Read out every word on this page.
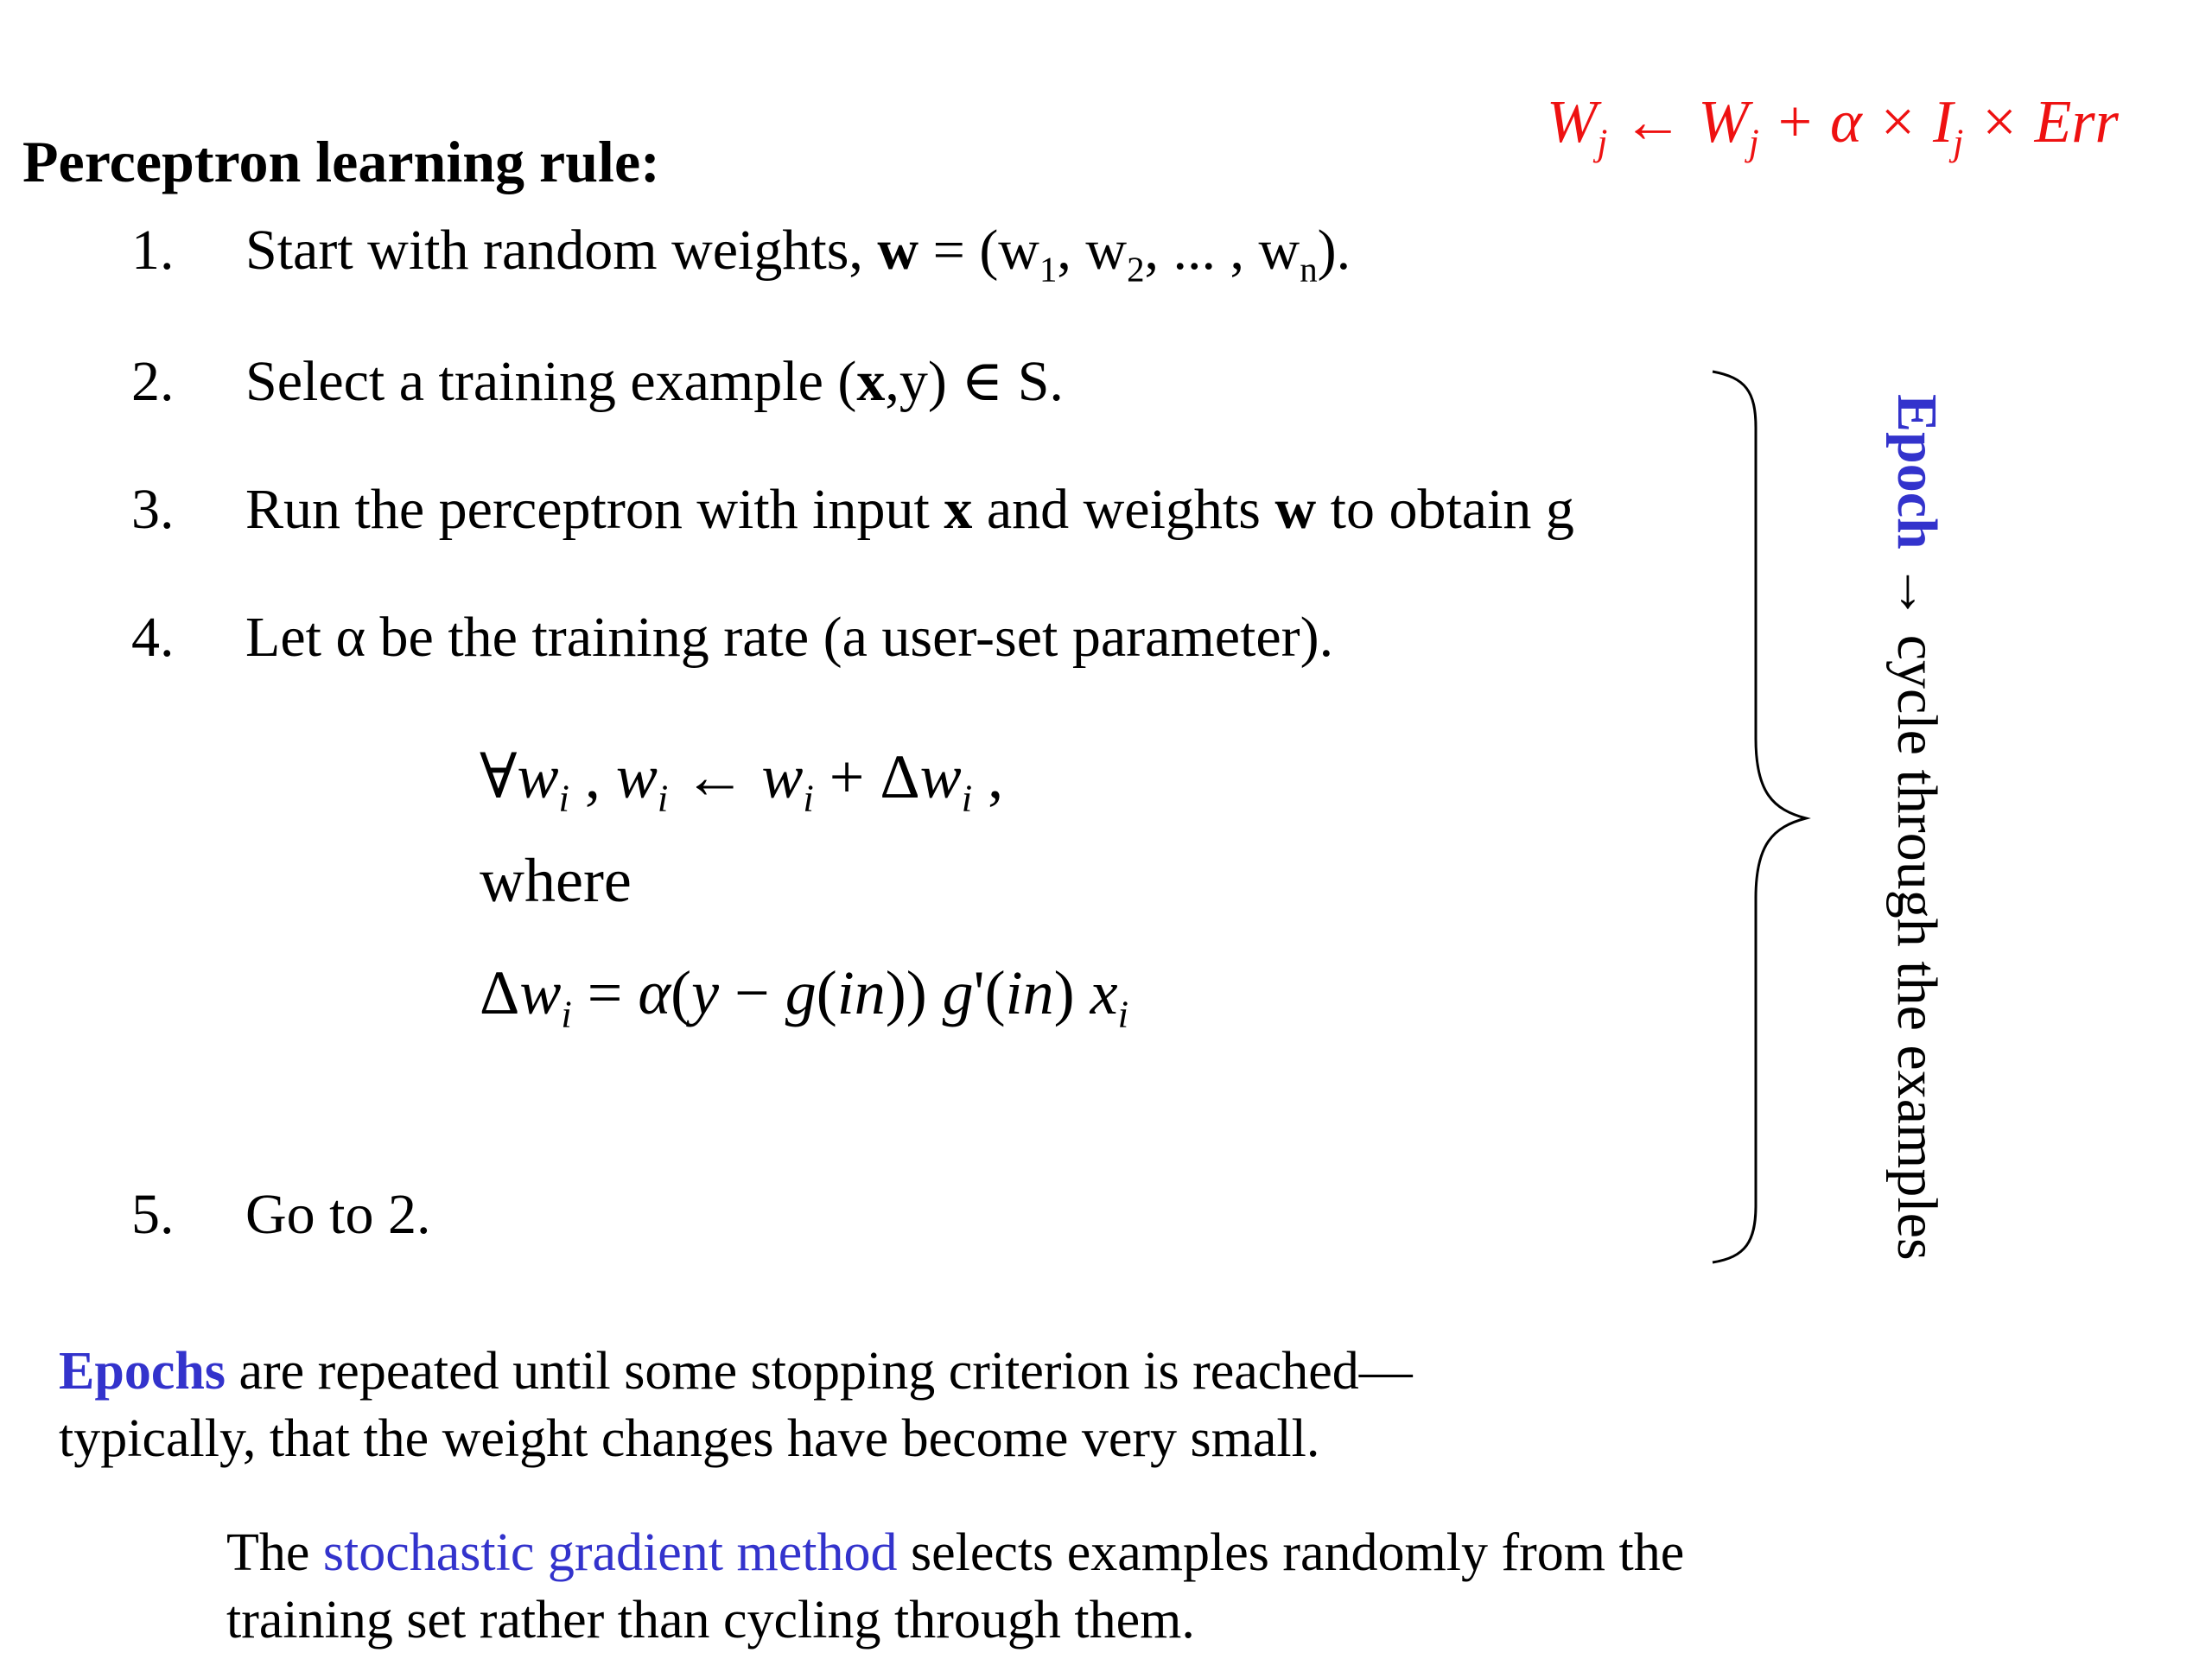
$W_j$ ← $W_j + \alpha \times I_j$ × Err
Perceptron learning rule:
1. Start with random weights, $w = (w_1$, $w_2$, ... , $w_n$).
2. Select a training example (x,y) ∈ S.
3. Run the perceptron with input x and weights w to obtain g
4. Let α be the training rate (a user-set parameter).
$\forall w_i$ , $w_i$ ← $w_i + \Delta w_i$ ,
where
$\Delta w_i = \alpha(y - g(in))$ g'(in) $x_i$
5. Go to 2.
Epoch → cycle through the examples
Epochs are repeated until some stopping criterion is reached—
typically, that the weight changes have become very small.
The stochastic gradient method selects examples randomly from the
training set rather than cycling through them.
